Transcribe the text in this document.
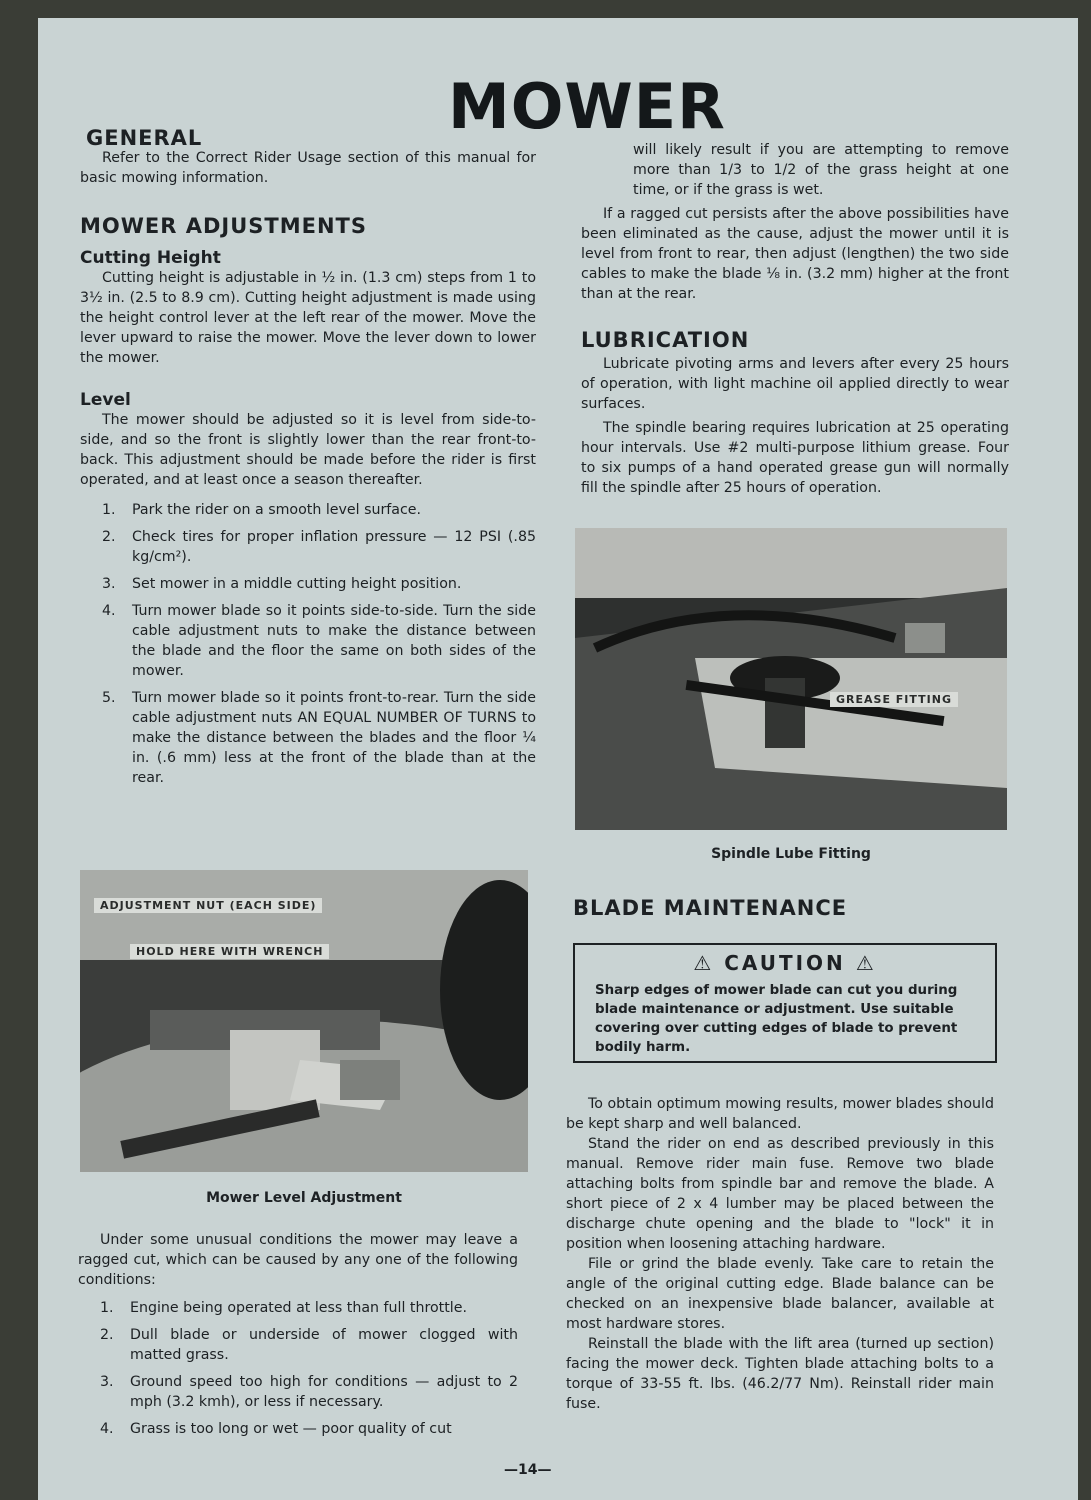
MOWER
GENERAL

Refer to the Correct Rider Usage section of this manual for basic mowing information.

MOWER ADJUSTMENTS
Cutting Height

Cutting height is adjustable in ½ in. (1.3 cm) steps from 1 to 3½ in. (2.5 to 8.9 cm). Cutting height adjustment is made using the height control lever at the left rear of the mower. Move the lever upward to raise the mower. Move the lever down to lower the mower.

Level

The mower should be adjusted so it is level from side-to-side, and so the front is slightly lower than the rear front-to-back. This adjustment should be made before the rider is first operated, and at least once a season thereafter.

1. Park the rider on a smooth level surface.
2. Check tires for proper inflation pressure — 12 PSI (.85 kg/cm²).
3. Set mower in a middle cutting height position.
4. Turn mower blade so it points side-to-side. Turn the side cable adjustment nuts to make the distance between the blade and the floor the same on both sides of the mower.
5. Turn mower blade so it points front-to-rear. Turn the side cable adjustment nuts AN EQUAL NUMBER OF TURNS to make the distance between the blades and the floor ¼ in. (.6 mm) less at the front of the blade than at the rear.
ADJUSTMENT NUT (EACH SIDE)
HOLD HERE WITH WRENCH
Mower Level Adjustment

Under some unusual conditions the mower may leave a ragged cut, which can be caused by any one of the following conditions:

1. Engine being operated at less than full throttle.
2. Dull blade or underside of mower clogged with matted grass.
3. Ground speed too high for conditions — adjust to 2 mph (3.2 kmh), or less if necessary.
4. Grass is too long or wet — poor quality of cut

will likely result if you are attempting to remove more than 1/3 to 1/2 of the grass height at one time, or if the grass is wet.

If a ragged cut persists after the above possibilities have been eliminated as the cause, adjust the mower until it is level from front to rear, then adjust (lengthen) the two side cables to make the blade ⅛ in. (3.2 mm) higher at the front than at the rear.

LUBRICATION

Lubricate pivoting arms and levers after every 25 hours of operation, with light machine oil applied directly to wear surfaces.

The spindle bearing requires lubrication at 25 operating hour intervals. Use #2 multi-purpose lithium grease. Four to six pumps of a hand operated grease gun will normally fill the spindle after 25 hours of operation.

GREASE FITTING
Spindle Lube Fitting
BLADE MAINTENANCE
⚠ CAUTION ⚠
Sharp edges of mower blade can cut you during blade maintenance or adjustment. Use suitable covering over cutting edges of blade to prevent bodily harm.

To obtain optimum mowing results, mower blades should be kept sharp and well balanced.

Stand the rider on end as described previously in this manual. Remove rider main fuse. Remove two blade attaching bolts from spindle bar and remove the blade. A short piece of 2 x 4 lumber may be placed between the discharge chute opening and the blade to "lock" it in position when loosening attaching hardware.

File or grind the blade evenly. Take care to retain the angle of the original cutting edge. Blade balance can be checked on an inexpensive blade balancer, available at most hardware stores.

Reinstall the blade with the lift area (turned up section) facing the mower deck. Tighten blade attaching bolts to a torque of 33-55 ft. lbs. (46.2/77 Nm). Reinstall rider main fuse.

—14—
